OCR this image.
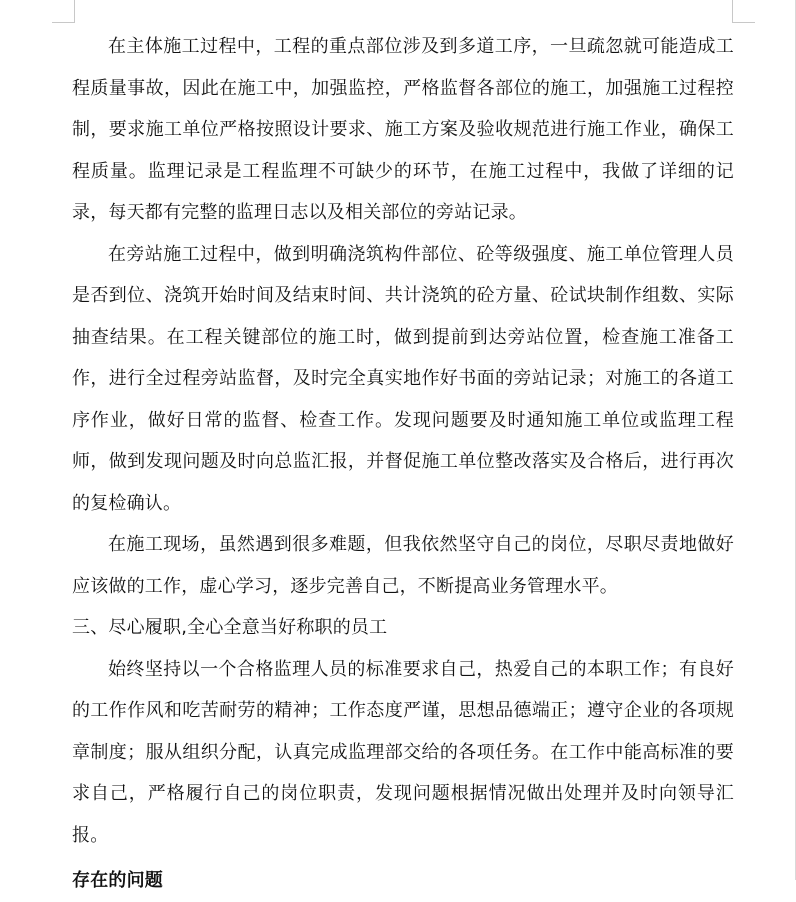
在主体施工过程中，工程的重点部位涉及到多道工序，一旦疏忽就可能造成工程质量事故，因此在施工中，加强监控，严格监督各部位的施工，加强施工过程控制，要求施工单位严格按照设计要求、施工方案及验收规范进行施工作业，确保工程质量。监理记录是工程监理不可缺少的环节，在施工过程中，我做了详细的记录，每天都有完整的监理日志以及相关部位的旁站记录。

在旁站施工过程中，做到明确浇筑构件部位、砼等级强度、施工单位管理人员是否到位、浇筑开始时间及结束时间、共计浇筑的砼方量、砼试块制作组数、实际抽查结果。在工程关键部位的施工时，做到提前到达旁站位置，检查施工准备工作，进行全过程旁站监督，及时完全真实地作好书面的旁站记录；对施工的各道工序作业，做好日常的监督、检查工作。发现问题要及时通知施工单位或监理工程师，做到发现问题及时向总监汇报，并督促施工单位整改落实及合格后，进行再次的复检确认。

在施工现场，虽然遇到很多难题，但我依然坚守自己的岗位，尽职尽责地做好应该做的工作，虚心学习，逐步完善自己，不断提高业务管理水平。

三、尽心履职,全心全意当好称职的员工

始终坚持以一个合格监理人员的标准要求自己，热爱自己的本职工作；有良好的工作作风和吃苦耐劳的精神；工作态度严谨，思想品德端正；遵守企业的各项规章制度；服从组织分配，认真完成监理部交给的各项任务。在工作中能高标准的要求自己，严格履行自己的岗位职责，发现问题根据情况做出处理并及时向领导汇报。

存在的问题
